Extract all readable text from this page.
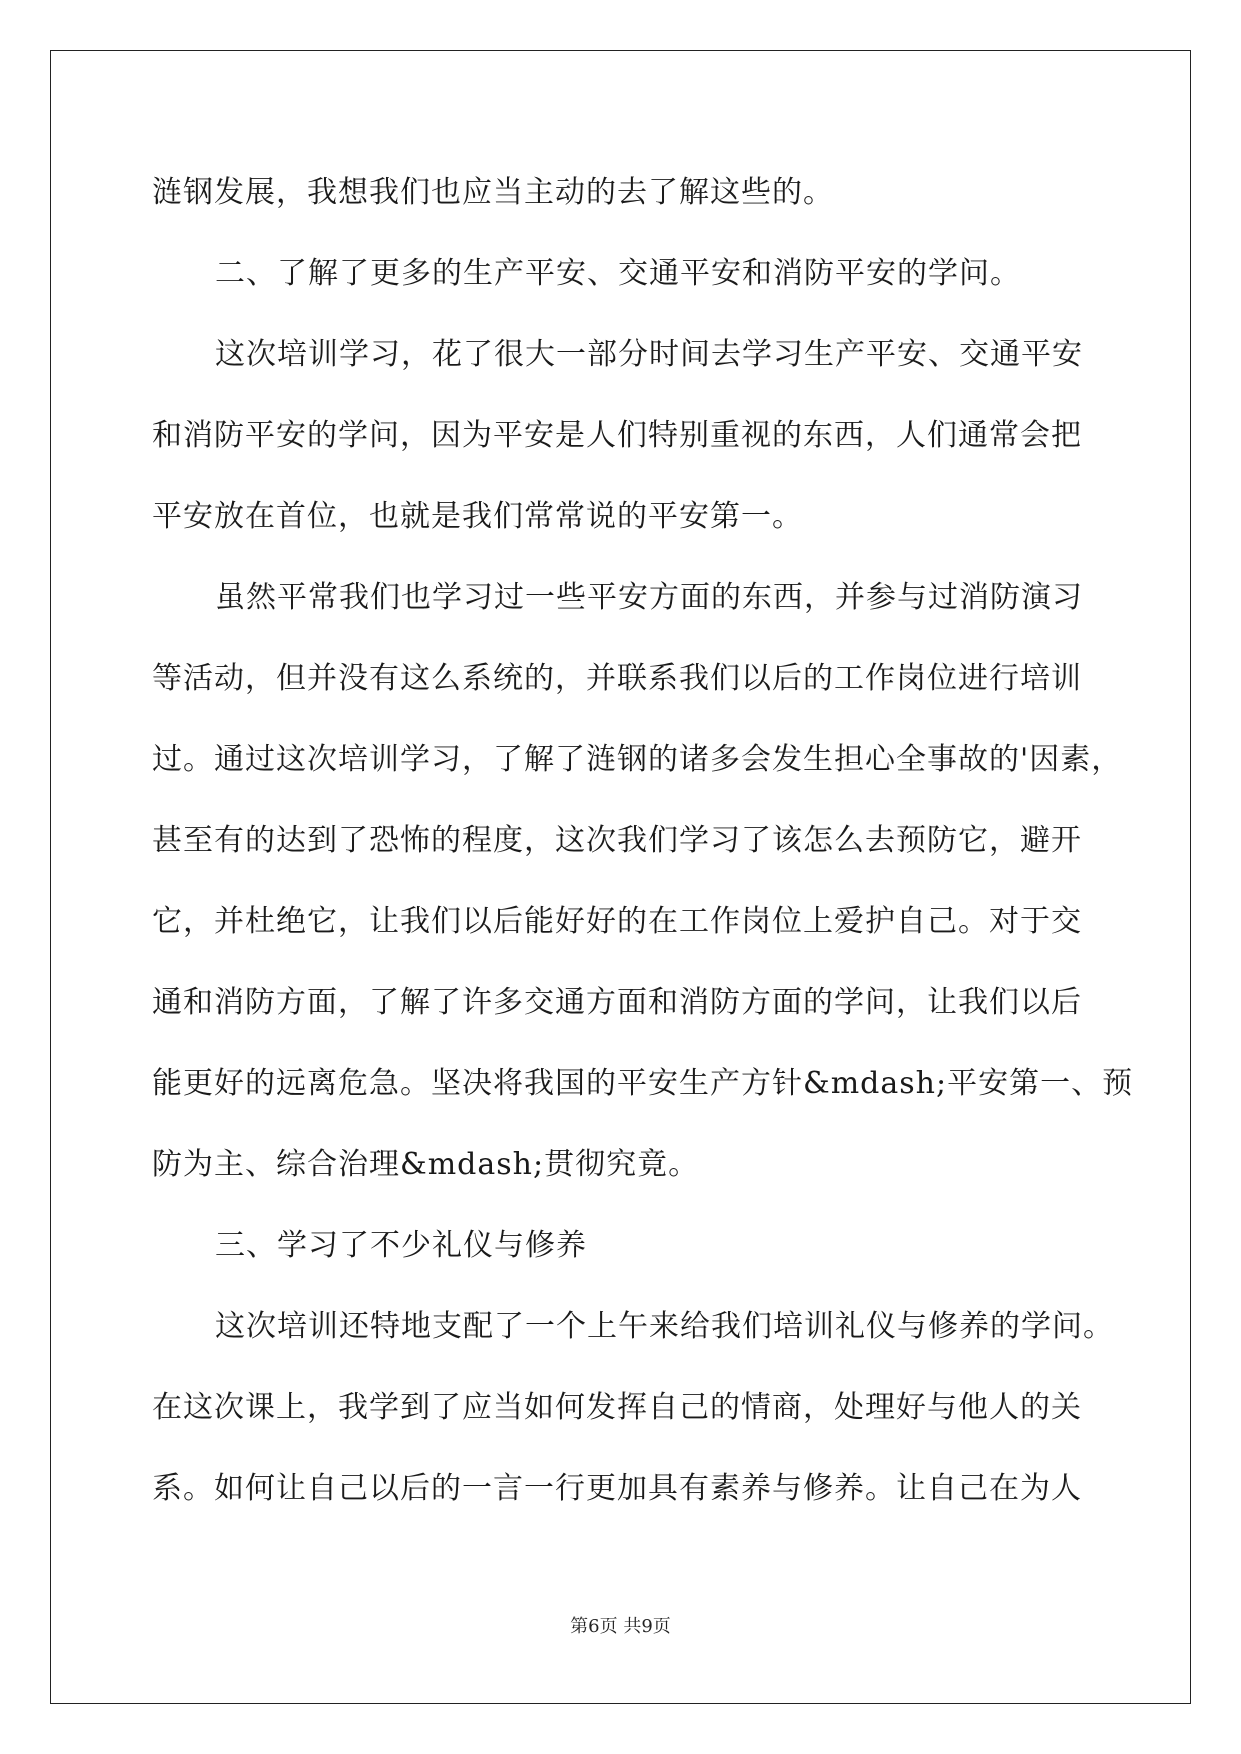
涟钢发展，我想我们也应当主动的去了解这些的。
二、了解了更多的生产平安、交通平安和消防平安的学问。
这次培训学习，花了很大一部分时间去学习生产平安、交通平安
和消防平安的学问，因为平安是人们特别重视的东西，人们通常会把
平安放在首位，也就是我们常常说的平安第一。
虽然平常我们也学习过一些平安方面的东西，并参与过消防演习
等活动，但并没有这么系统的，并联系我们以后的工作岗位进行培训
过。通过这次培训学习，了解了涟钢的诸多会发生担心全事故的'因素，
甚至有的达到了恐怖的程度，这次我们学习了该怎么去预防它，避开
它，并杜绝它，让我们以后能好好的在工作岗位上爱护自己。对于交
通和消防方面，了解了许多交通方面和消防方面的学问，让我们以后
能更好的远离危急。坚决将我国的平安生产方针&mdash;平安第一、预
防为主、综合治理&mdash;贯彻究竟。
三、学习了不少礼仪与修养
这次培训还特地支配了一个上午来给我们培训礼仪与修养的学问。
在这次课上，我学到了应当如何发挥自己的情商，处理好与他人的关
系。如何让自己以后的一言一行更加具有素养与修养。让自己在为人
第6页 共9页
